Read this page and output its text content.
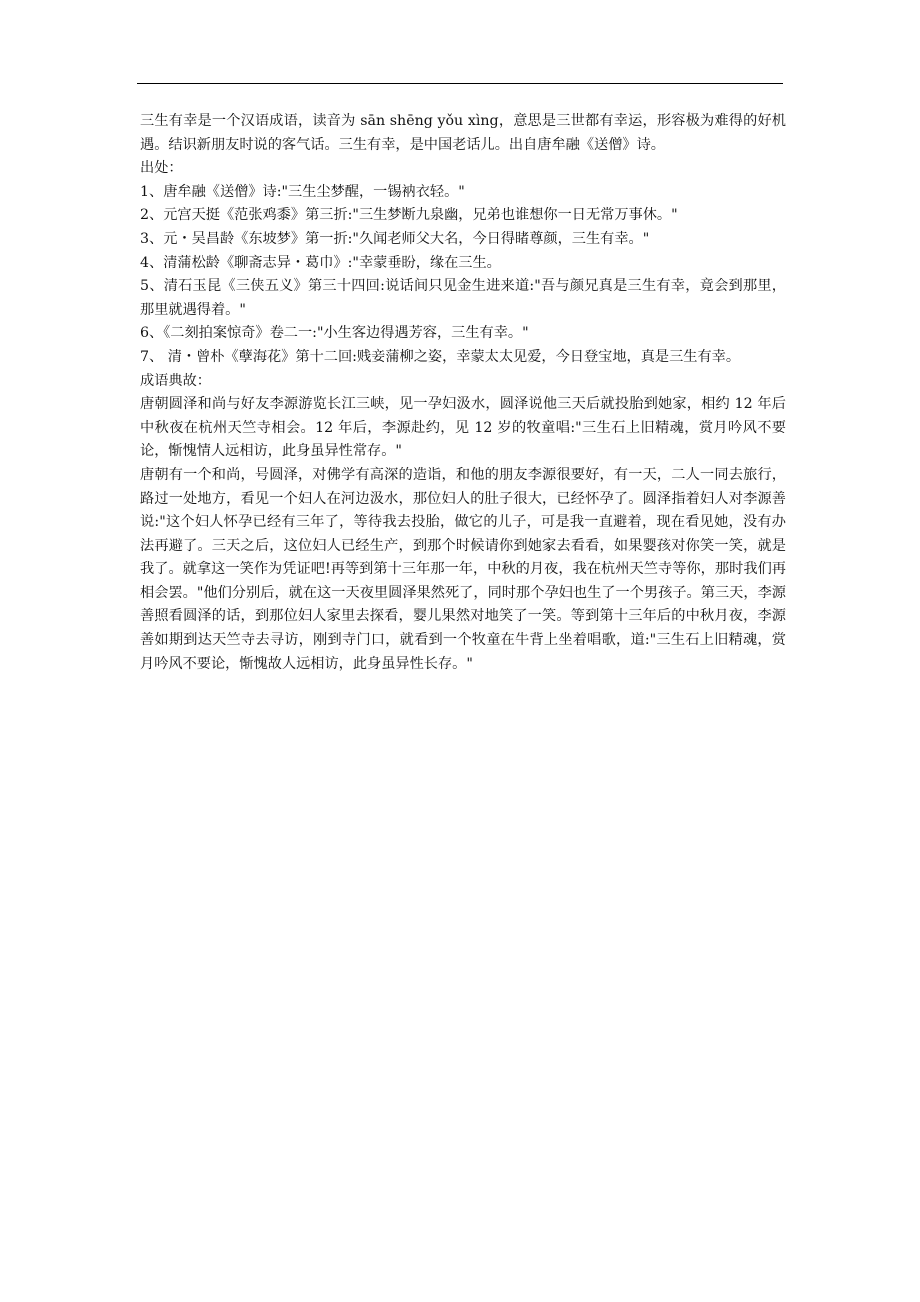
三生有幸是一个汉语成语，读音为 sān shēng yǒu xìng，意思是三世都有幸运，形容极为难得的好机遇。结识新朋友时说的客气话。三生有幸，是中国老话儿。出自唐牟融《送僧》诗。

出处：

1、唐牟融《送僧》诗:"三生尘梦醒，一锡衲衣轻。"

2、元宫天挺《范张鸡黍》第三折:"三生梦断九泉幽，兄弟也谁想你一日无常万事休。"

3、元・吴昌龄《东坡梦》第一折:"久闻老师父大名，今日得睹尊颜，三生有幸。"

4、清蒲松龄《聊斋志异・葛巾》:"幸蒙垂盼，缘在三生。

5、清石玉昆《三侠五义》第三十四回:说话间只见金生进来道:"吾与颜兄真是三生有幸，竟会到那里，那里就遇得着。"

6、《二刻拍案惊奇》卷二一:"小生客边得遇芳容，三生有幸。"

7、 清・曾朴《孽海花》第十二回:贱妾蒲柳之姿，幸蒙太太见爱，今日登宝地，真是三生有幸。

成语典故：

唐朝圆泽和尚与好友李源游览长江三峡，见一孕妇汲水，圆泽说他三天后就投胎到她家，相约 12 年后中秋夜在杭州天竺寺相会。12 年后，李源赴约，见 12 岁的牧童唱:"三生石上旧精魂，赏月吟风不要论，惭愧情人远相访，此身虽异性常存。"

唐朝有一个和尚，号圆泽，对佛学有高深的造诣，和他的朋友李源很要好，有一天，二人一同去旅行，路过一处地方，看见一个妇人在河边汲水，那位妇人的肚子很大，已经怀孕了。圆泽指着妇人对李源善说:"这个妇人怀孕已经有三年了，等待我去投胎，做它的儿子，可是我一直避着，现在看见她，没有办法再避了。三天之后，这位妇人已经生产，到那个时候请你到她家去看看，如果婴孩对你笑一笑，就是我了。就拿这一笑作为凭证吧!再等到第十三年那一年，中秋的月夜，我在杭州天竺寺等你，那时我们再相会罢。"他们分别后，就在这一天夜里圆泽果然死了，同时那个孕妇也生了一个男孩子。第三天，李源善照看圆泽的话，到那位妇人家里去探看，婴儿果然对地笑了一笑。等到第十三年后的中秋月夜，李源善如期到达天竺寺去寻访，刚到寺门口，就看到一个牧童在牛背上坐着唱歌，道:"三生石上旧精魂，赏月吟风不要论，惭愧故人远相访，此身虽异性长存。"
